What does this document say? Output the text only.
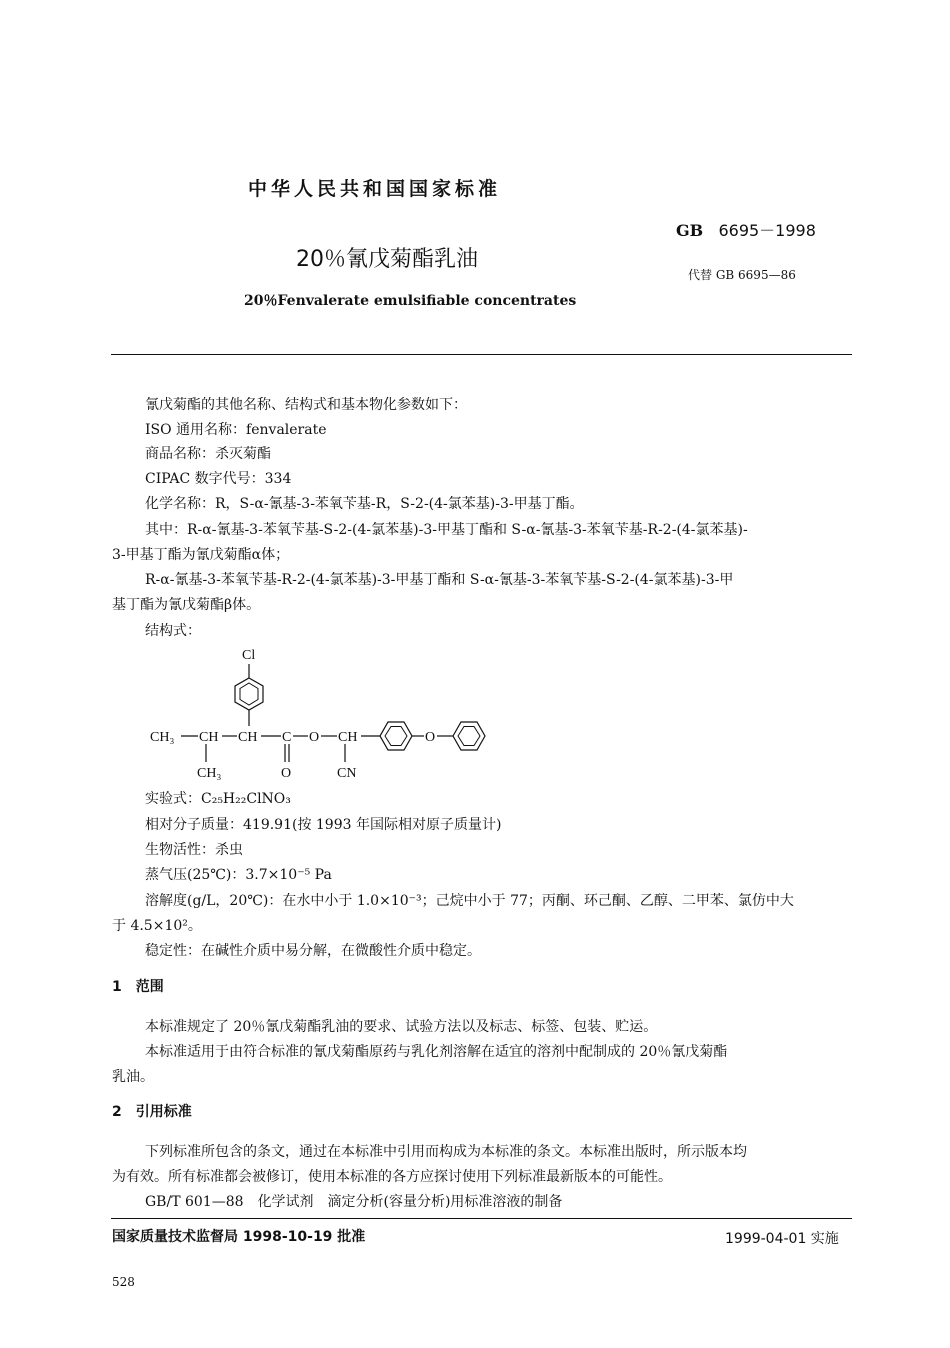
中华人民共和国国家标准
GB 6695－1998
20％氰戊菊酯乳油
代替 GB 6695—86
20％Fenvalerate emulsifiable concentrates
氰戊菊酯的其他名称、结构式和基本物化参数如下：
ISO 通用名称：fenvalerate
商品名称：杀灭菊酯
CIPAC 数字代号：334
化学名称：R，S-α-氰基-3-苯氧苄基-R，S-2-(4-氯苯基)-3-甲基丁酯。
其中：R-α-氰基-3-苯氧苄基-S-2-(4-氯苯基)-3-甲基丁酯和 S-α-氰基-3-苯氧苄基-R-2-(4-氯苯基)-
3-甲基丁酯为氰戊菊酯α体；
R-α-氰基-3-苯氧苄基-R-2-(4-氯苯基)-3-甲基丁酯和 S-α-氰基-3-苯氧苄基-S-2-(4-氯苯基)-3-甲
基丁酯为氰戊菊酯β体。
结构式：
Cl
CH₃ CH CH C O CH	O
CH₃	O	CN
实验式：C₂₅H₂₂ClNO₃
相对分子质量：419.91(按 1993 年国际相对原子质量计)
生物活性：杀虫
蒸气压(25℃)：3.7×10⁻⁵ Pa
溶解度(g/L，20℃)：在水中小于 1.0×10⁻³；己烷中小于 77；丙酮、环己酮、乙醇、二甲苯、氯仿中大
于 4.5×10²。
稳定性：在碱性介质中易分解，在微酸性介质中稳定。
1　范围
本标准规定了 20％氰戊菊酯乳油的要求、试验方法以及标志、标签、包装、贮运。
本标准适用于由符合标准的氰戊菊酯原药与乳化剂溶解在适宜的溶剂中配制成的 20％氰戊菊酯
乳油。
2　引用标准
下列标准所包含的条文，通过在本标准中引用而构成为本标准的条文。本标准出版时，所示版本均
为有效。所有标准都会被修订，使用本标准的各方应探讨使用下列标准最新版本的可能性。
GB/T 601—88　化学试剂　滴定分析(容量分析)用标准溶液的制备
国家质量技术监督局 1998-10-19 批准	1999-04-01 实施
528
